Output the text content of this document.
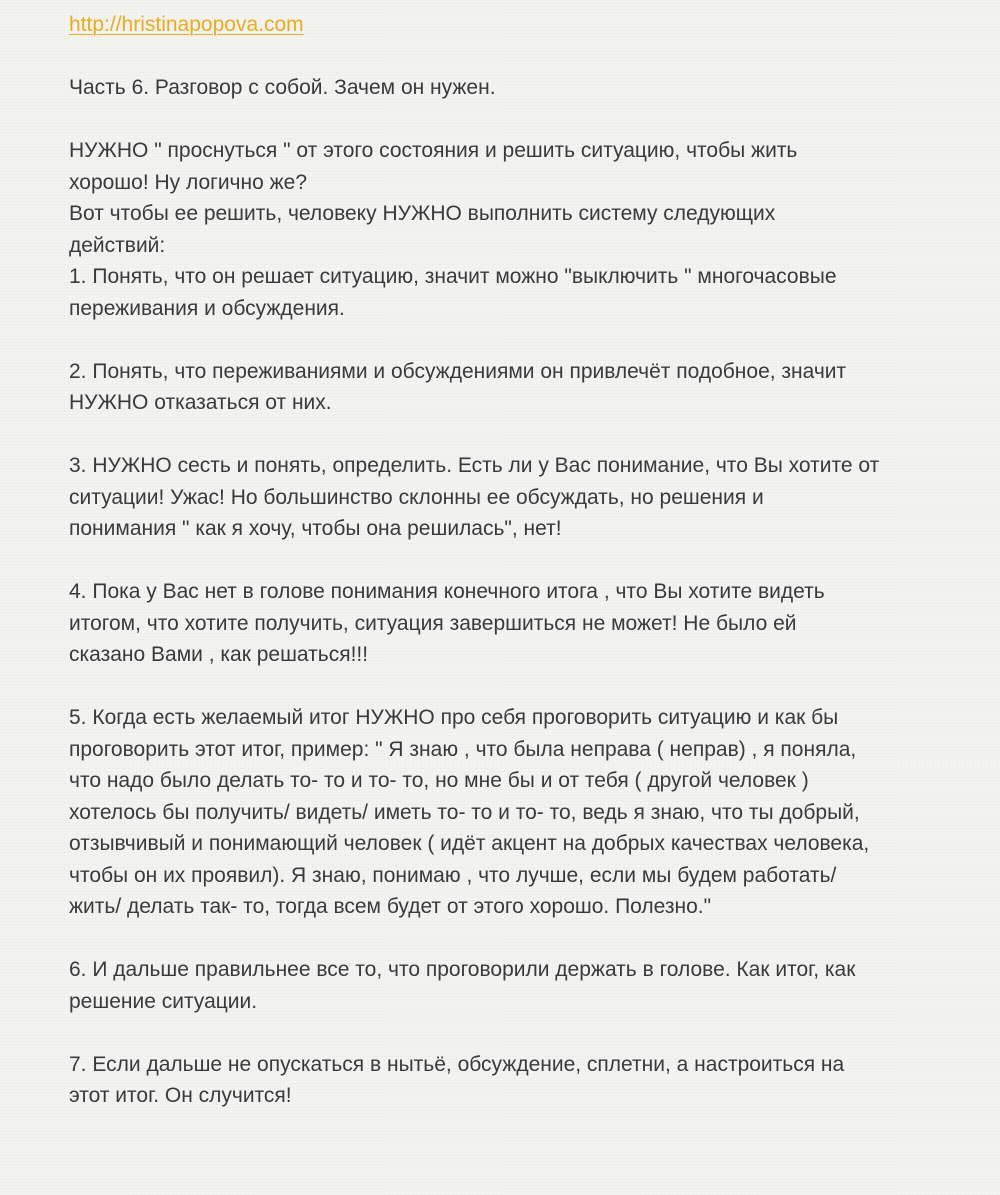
http://hristinapopova.com
Часть 6. Разговор с собой. Зачем он нужен.
НУЖНО " проснуться " от этого состояния и решить ситуацию, чтобы жить
хорошо! Ну логично же?
Вот чтобы ее решить, человеку НУЖНО выполнить систему следующих
действий:
1. Понять, что он решает ситуацию, значит можно "выключить " многочасовые
переживания и обсуждения.
2. Понять, что переживаниями и обсуждениями он привлечёт подобное, значит
НУЖНО отказаться от них.
3. НУЖНО сесть и понять, определить. Есть ли у Вас понимание, что Вы хотите от
ситуации! Ужас! Но большинство склонны ее обсуждать, но решения и
понимания " как я хочу, чтобы она решилась", нет!
4. Пока у Вас нет в голове понимания конечного итога , что Вы хотите видеть
итогом, что хотите получить, ситуация завершиться не может! Не было ей
сказано Вами , как решаться!!!
5. Когда есть желаемый итог НУЖНО про себя проговорить ситуацию и как бы
проговорить этот итог, пример: " Я знаю , что была неправа ( неправ) , я поняла,
что надо было делать то- то и то- то, но мне бы и от тебя ( другой человек )
хотелось бы получить/ видеть/ иметь то- то и то- то, ведь я знаю, что ты добрый,
отзывчивый и понимающий человек ( идёт акцент на добрых качествах человека,
чтобы он их проявил). Я знаю, понимаю , что лучше, если мы будем работать/
жить/ делать так- то, тогда всем будет от этого хорошо. Полезно."
6. И дальше правильнее все то, что проговорили держать в голове. Как итог, как
решение ситуации.
7. Если дальше не опускаться в нытьё, обсуждение, сплетни, а настроиться на
этот итог. Он случится!
